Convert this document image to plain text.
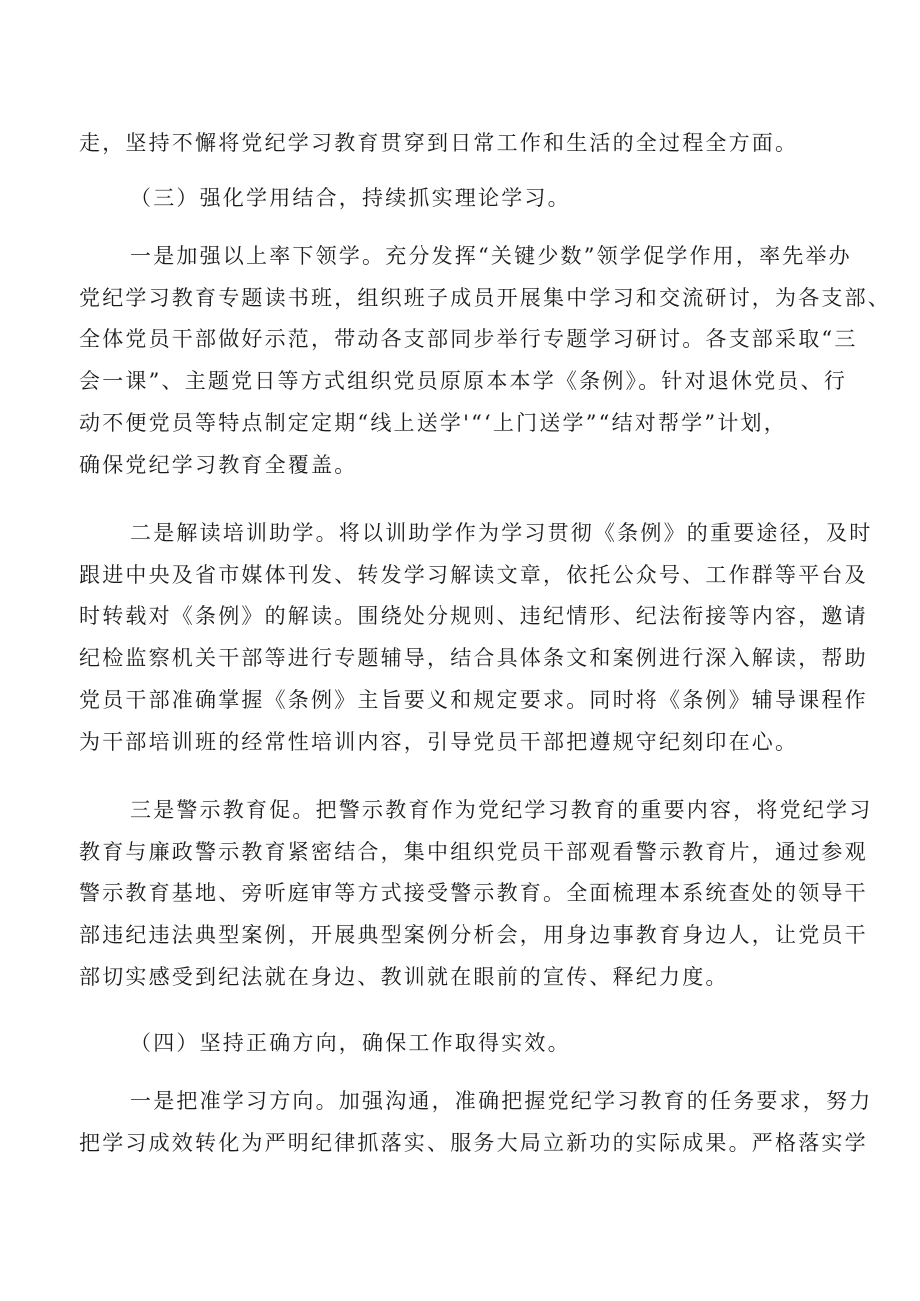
走，坚持不懈将党纪学习教育贯穿到日常工作和生活的全过程全方面。
（三）强化学用结合，持续抓实理论学习。
一是加强以上率下领学。充分发挥“关键少数”领学促学作用，率先举办
党纪学习教育专题读书班，组织班子成员开展集中学习和交流研讨，为各支部、
全体党员干部做好示范，带动各支部同步举行专题学习研讨。各支部采取“三
会一课”、主题党日等方式组织党员原原本本学《条例》。针对退休党员、行
动不便党员等特点制定定期“线上送学'“‘上门送学”“结对帮学”计划，
确保党纪学习教育全覆盖。
二是解读培训助学。将以训助学作为学习贯彻《条例》的重要途径，及时
跟进中央及省市媒体刊发、转发学习解读文章，依托公众号、工作群等平台及
时转载对《条例》的解读。围绕处分规则、违纪情形、纪法衔接等内容，邀请
纪检监察机关干部等进行专题辅导，结合具体条文和案例进行深入解读，帮助
党员干部准确掌握《条例》主旨要义和规定要求。同时将《条例》辅导课程作
为干部培训班的经常性培训内容，引导党员干部把遵规守纪刻印在心。
三是警示教育促。把警示教育作为党纪学习教育的重要内容，将党纪学习
教育与廉政警示教育紧密结合，集中组织党员干部观看警示教育片，通过参观
警示教育基地、旁听庭审等方式接受警示教育。全面梳理本系统查处的领导干
部违纪违法典型案例，开展典型案例分析会，用身边事教育身边人，让党员干
部切实感受到纪法就在身边、教训就在眼前的宣传、释纪力度。
（四）坚持正确方向，确保工作取得实效。
一是把准学习方向。加强沟通，准确把握党纪学习教育的任务要求，努力
把学习成效转化为严明纪律抓落实、服务大局立新功的实际成果。严格落实学
